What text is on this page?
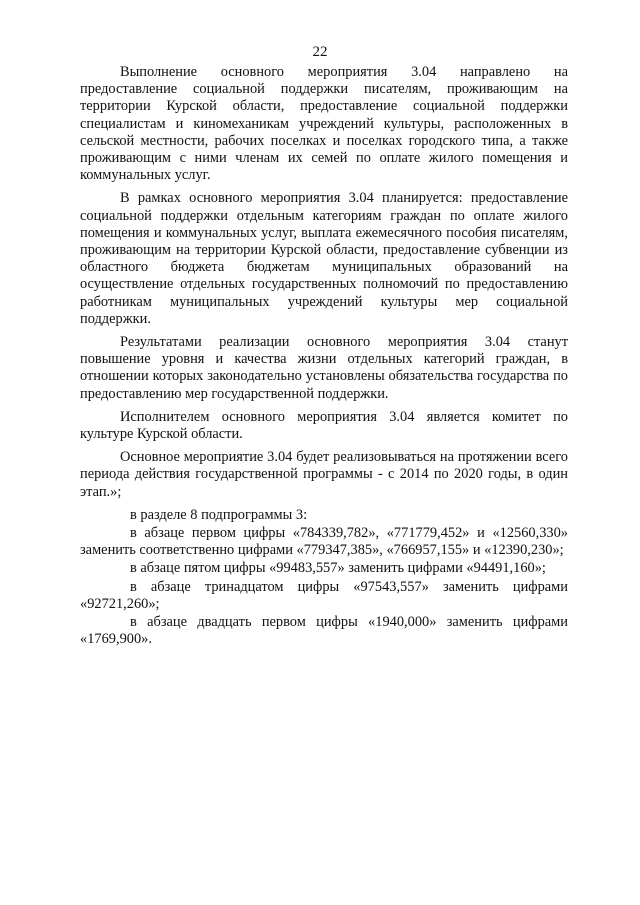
22

Выполнение основного мероприятия 3.04 направлено на предоставление социальной поддержки писателям, проживающим на территории Курской области, предоставление социальной поддержки специалистам и киномеханикам учреждений культуры, расположенных в сельской местности, рабочих поселках и поселках городского типа, а также проживающим с ними членам их семей по оплате жилого помещения и коммунальных услуг.

В рамках основного мероприятия 3.04 планируется: предоставление социальной поддержки отдельным категориям граждан по оплате жилого помещения и коммунальных услуг, выплата ежемесячного пособия писателям, проживающим на территории Курской области, предоставление субвенции из областного бюджета бюджетам муниципальных образований на осуществление отдельных государственных полномочий по предоставлению работникам муниципальных учреждений культуры мер социальной поддержки.

Результатами реализации основного мероприятия 3.04 станут повышение уровня и качества жизни отдельных категорий граждан, в отношении которых законодательно установлены обязательства государства по предоставлению мер государственной поддержки.

Исполнителем основного мероприятия 3.04 является комитет по культуре Курской области.

Основное мероприятие 3.04 будет реализовываться на протяжении всего периода действия государственной программы - с 2014 по 2020 годы, в один этап.»;

в разделе 8 подпрограммы 3:

в абзаце первом цифры «784339,782», «771779,452» и «12560,330» заменить соответственно цифрами «779347,385», «766957,155» и «12390,230»;

в абзаце пятом цифры «99483,557» заменить цифрами «94491,160»;

в абзаце тринадцатом цифры «97543,557» заменить цифрами «92721,260»;

в абзаце двадцать первом цифры «1940,000» заменить цифрами «1769,900».
